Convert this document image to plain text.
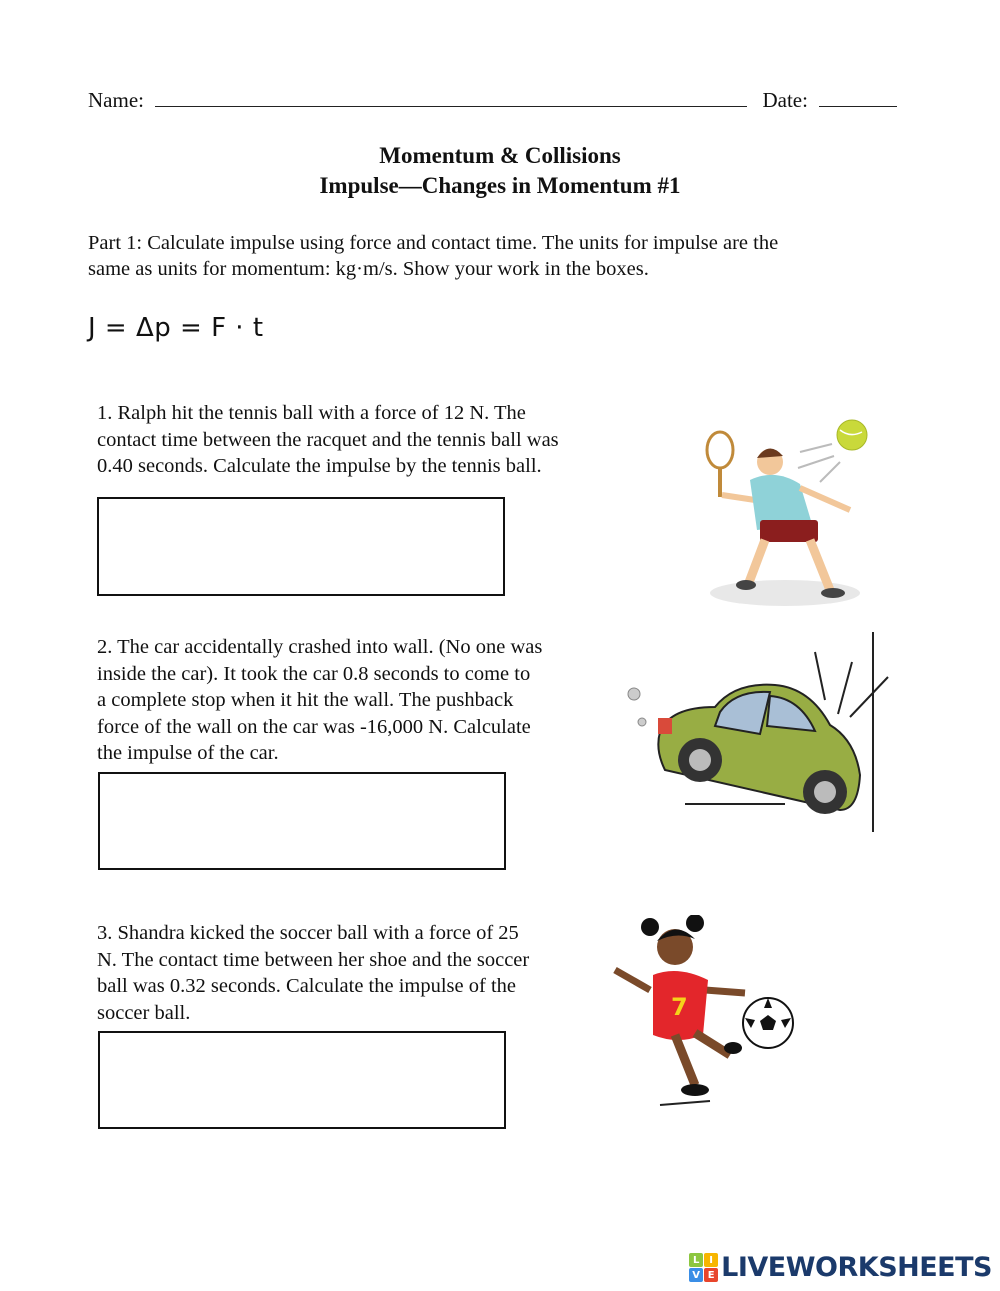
Name:	Date:
Momentum & Collisions
Impulse—Changes in Momentum #1
Part 1: Calculate impulse using force and contact time. The units for impulse are the
same as units for momentum: kg·m/s. Show your work in the boxes.
J = Δp = F · t
1. Ralph hit the tennis ball with a force of 12 N. The
contact time between the racquet and the tennis ball was
0.40 seconds. Calculate the impulse by the tennis ball.
2. The car accidentally crashed into wall. (No one was
inside the car). It took the car 0.8 seconds to come to
a complete stop when it hit the wall. The pushback
force of the wall on the car was -16,000 N. Calculate
the impulse of the car.
3. Shandra kicked the soccer ball with a force of 25
N. The contact time between her shoe and the soccer
ball was 0.32 seconds. Calculate the impulse of the
soccer ball.	7
L I
V E LIVEWORKSHEETS
